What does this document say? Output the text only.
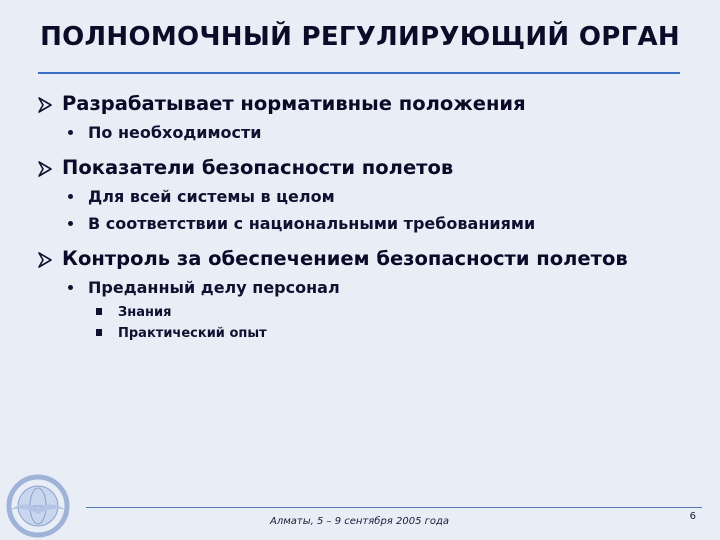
ПОЛНОМОЧНЫЙ РЕГУЛИРУЮЩИЙ ОРГАН
Разрабатывает нормативные положения
По необходимости
Показатели безопасности полетов
Для всей системы в целом
В соответствии с национальными требованиями
Контроль за обеспечением безопасности полетов
Преданный делу персонал
Знания
Практический опыт
Алматы, 5 – 9 сентября 2005 года	6
